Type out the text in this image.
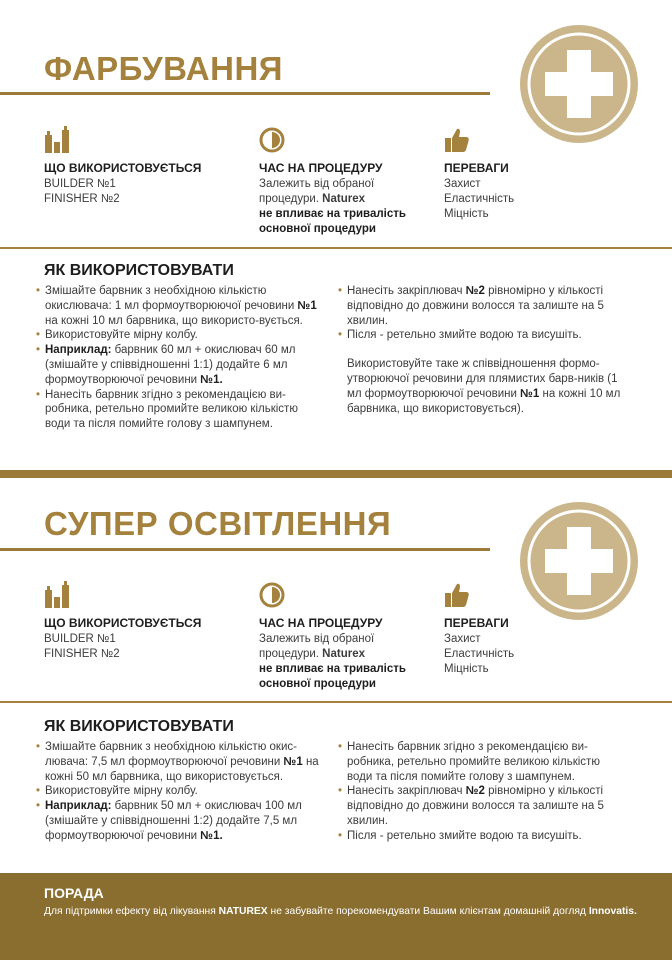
ФАРБУВАННЯ
ЩО ВИКОРИСТОВУЄТЬСЯ
BUILDER №1
FINISHER №2
ЧАС НА ПРОЦЕДУРУ
Залежить від обраної
процедури. Naturex
не впливає на тривалість
основної процедури
ПЕРЕВАГИ
Захист
Еластичність
Міцність
ЯК ВИКОРИСТОВУВАТИ
• Змішайте барвник з необхідною кількістю окислювача: 1 мл формоутворюючої речовини №1 на кожні 10 мл барвника, що використо-вується.
• Використовуйте мірну колбу.
• Наприклад: барвник 60 мл + окислювач 60 мл (змішайте у співвідношенні 1:1) додайте 6 мл формоутворюючої речовини №1.
• Нанесіть барвник згідно з рекомендацією ви-робника, ретельно промийте великою кількістю води та після помийте голову з шампунем.
• Нанесіть закріплювач №2 рівномірно у кількості відповідно до довжини волосся та залиште на 5 хвилин.
• Після - ретельно змийте водою та висушіть.
Використовуйте таке ж співвідношення формо-утворюючої речовини для плямистих барв-ників (1 мл формоутворюючої речовини №1 на кожні 10 мл барвника, що використовується).
СУПЕР ОСВІТЛЕННЯ
ЩО ВИКОРИСТОВУЄТЬСЯ
BUILDER №1
FINISHER №2
ЧАС НА ПРОЦЕДУРУ
Залежить від обраної
процедури. Naturex
не впливає на тривалість
основної процедури
ПЕРЕВАГИ
Захист
Еластичність
Міцність
ЯК ВИКОРИСТОВУВАТИ
• Змішайте барвник з необхідною кількістю окис-лювача: 7,5 мл формоутворюючої речовини №1 на кожні 50 мл барвника, що використовується.
• Використовуйте мірну колбу.
• Наприклад: барвник 50 мл + окислювач 100 мл (змішайте у співвідношенні 1:2) додайте 7,5 мл формоутворюючої речовини №1.
• Нанесіть барвник згідно з рекомендацією ви-робника, ретельно промийте великою кількістю води та після помийте голову з шампунем.
• Нанесіть закріплювач №2 рівномірно у кількості відповідно до довжини волосся та залиште на 5 хвилин.
• Після - ретельно змийте водою та висушіть.
ПОРАДА
Для підтримки ефекту від лікування NATUREX не забувайте порекомендувати Вашим клієнтам домашній догляд Innovatis.
